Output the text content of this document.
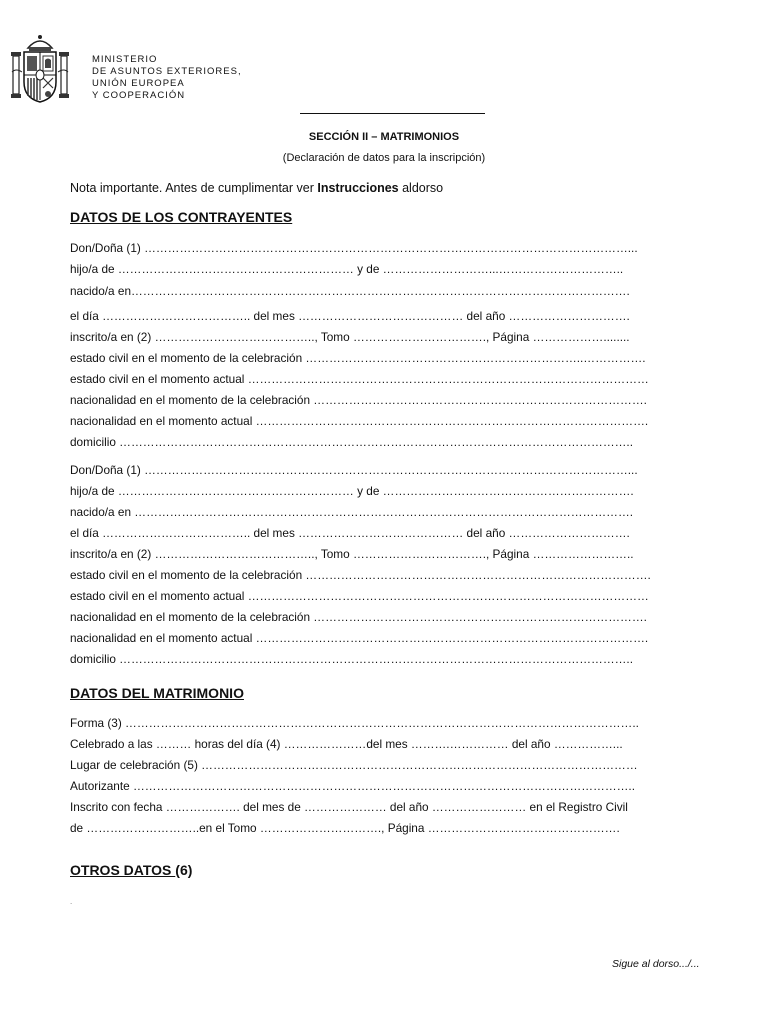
MINISTERIO
DE ASUNTOS EXTERIORES,
UNIÓN EUROPEA
Y COOPERACIÓN
SECCIÓN II – MATRIMONIOS
(Declaración de datos para la inscripción)
Nota importante. Antes de cumplimentar ver Instrucciones aldorso
DATOS DE LOS CONTRAYENTES
Don/Doña (1) ……………………………………………………………………………………………………………...
hijo/a de …………………………………………………… y de ………………………...…………………………..
nacido/a en……………………………………………………………………………………………………………….
el día ……………………………….. del mes …………………………………… del año ………………………….
inscrito/a en (2) ………………………………….., Tomo ……………………………., Página ………………........
estado civil en el momento de la celebración ……………………………………………………………..…………….
estado civil en el momento actual …………………………………………………………………………………………
nacionalidad en el momento de la celebración ………………………………………………………………………….
nacionalidad en el momento actual ……………………………………………………………………………………….
domicilio …………………………………………………………………………………………………………………..
Don/Doña (1) ……………………………………………………………………………………………………………...
hijo/a de …………………………………………………… y de ……………………………………………………….
nacido/a en ……………………………………………………………………………………………………………….
el día ……………………………….. del mes …………………………………… del año ………………………….
inscrito/a en (2) ………………………………….., Tomo ……………………………., Página ……………………..
estado civil en el momento de la celebración …………………………………………………………………………….
estado civil en el momento actual …………………………………………………………………………………………
nacionalidad en el momento de la celebración ………………………………………………………………………….
nacionalidad en el momento actual ……………………………………………………………………………………….
domicilio …………………………………………………………………………………………………………………..
DATOS DEL MATRIMONIO
Forma (3) …………………………………………………………………………………………………………………..
Celebrado a las ……… horas del día (4) …………………del mes ……….…………… del año ……………...
Lugar de celebración (5) …………………………………………………………………………………………………
Autorizante ………………………………………………………………………………………………………………..
Inscrito con fecha ………………. del mes de ………………… del año …………………… en el Registro Civil
de ………………………..en el Tomo …………………………., Página ………………………………………….
OTROS DATOS (6)
.
Sigue al dorso.../...
